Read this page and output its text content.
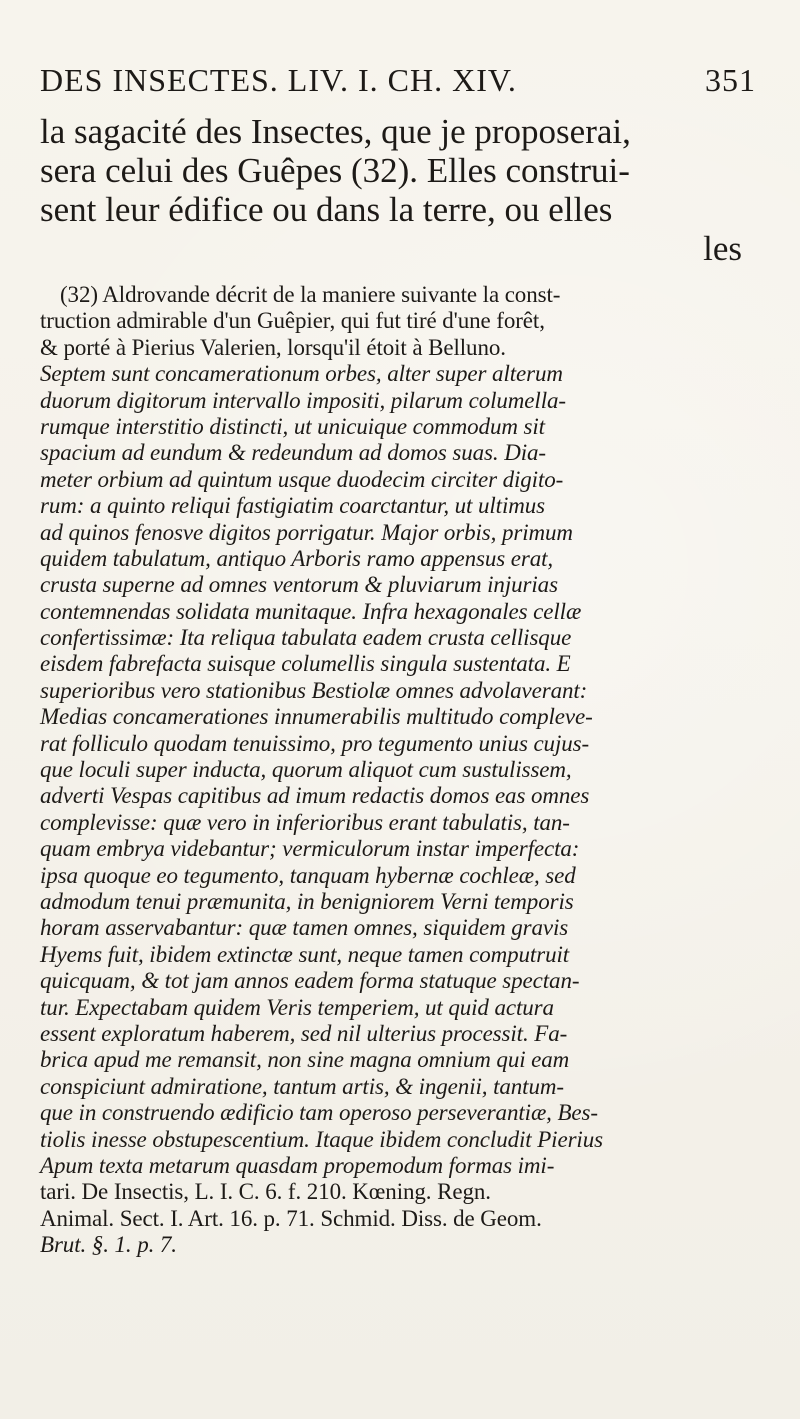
DES INSECTES. LIV. I. CH. XIV.	351
la sagacité des Insectes, que je proposerai,
sera celui des Guêpes (32). Elles construi-
sent leur édifice ou dans la terre, ou elles
les
(32) Aldrovande décrit de la maniere suivante la const-
truction admirable d'un Guêpier, qui fut tiré d'une forêt,
& porté à Pierius Valerien, lorsqu'il étoit à Belluno.
Septem sunt concamerationum orbes, alter super alterum
duorum digitorum intervallo impositi, pilarum columella-
rumque interstitio distincti, ut unicuique commodum sit
spacium ad eundum & redeundum ad domos suas. Dia-
meter orbium ad quintum usque duodecim circiter digito-
rum: a quinto reliqui fastigiatim coarctantur, ut ultimus
ad quinos fenosve digitos porrigatur. Major orbis, primum
quidem tabulatum, antiquo Arboris ramo appensus erat,
crusta superne ad omnes ventorum & pluviarum injurias
contemnendas solidata munitaque. Infra hexagonales cellæ
confertissimæ: Ita reliqua tabulata eadem crusta cellisque
eisdem fabrefacta suisque columellis singula sustentata. E
superioribus vero stationibus Bestiolæ omnes advolaverant:
Medias concamerationes innumerabilis multitudo compleve-
rat folliculo quodam tenuissimo, pro tegumento unius cujus-
que loculi super inducta, quorum aliquot cum sustulissem,
adverti Vespas capitibus ad imum redactis domos eas omnes
complevisse: quæ vero in inferioribus erant tabulatis, tan-
quam embrya videbantur; vermiculorum instar imperfecta:
ipsa quoque eo tegumento, tanquam hybernæ cochleæ, sed
admodum tenui præmunita, in benigniorem Verni temporis
horam asservabantur: quæ tamen omnes, siquidem gravis
Hyems fuit, ibidem extinctæ sunt, neque tamen computruit
quicquam, & tot jam annos eadem forma statuque spectan-
tur. Expectabam quidem Veris temperiem, ut quid actura
essent exploratum haberem, sed nil ulterius processit. Fa-
brica apud me remansit, non sine magna omnium qui eam
conspiciunt admiratione, tantum artis, & ingenii, tantum-
que in construendo ædificio tam operoso perseverantiæ, Bes-
tiolis inesse obstupescentium. Itaque ibidem concludit Pierius
Apum texta metarum quasdam propemodum formas imi-
tari. De Insectis, L. I. C. 6. f. 210. Kœning. Regn.
Animal. Sect. I. Art. 16. p. 71. Schmid. Diss. de Geom.
Brut. §. 1. p. 7.
